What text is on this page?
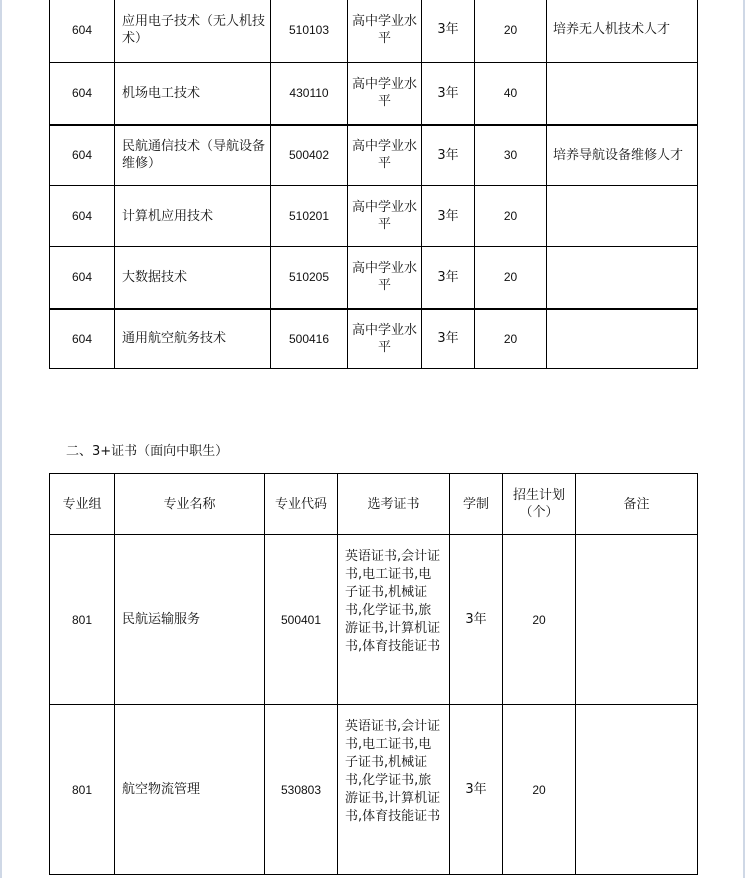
604	应用电子技术（无人机技术）	510103	高中学业水平	3年	20	培养无人机技术人才
604	机场电工技术	430110	高中学业水平	3年	40	
604	民航通信技术（导航设备维修）	500402	高中学业水平	3年	30	培养导航设备维修人才
604	计算机应用技术	510201	高中学业水平	3年	20	
604	大数据技术	510205	高中学业水平	3年	20	
604	通用航空航务技术	500416	高中学业水平	3年	20	
二、3+证书（面向中职生）
专业组	专业名称	专业代码	选考证书	学制	招生计划（个）	备注
801	民航运输服务	500401	英语证书,会计证书,电工证书,电子证书,机械证书,化学证书,旅游证书,计算机证书,体育技能证书	3年	20	
801	航空物流管理	530803	英语证书,会计证书,电工证书,电子证书,机械证书,化学证书,旅游证书,计算机证书,体育技能证书	3年	20	
